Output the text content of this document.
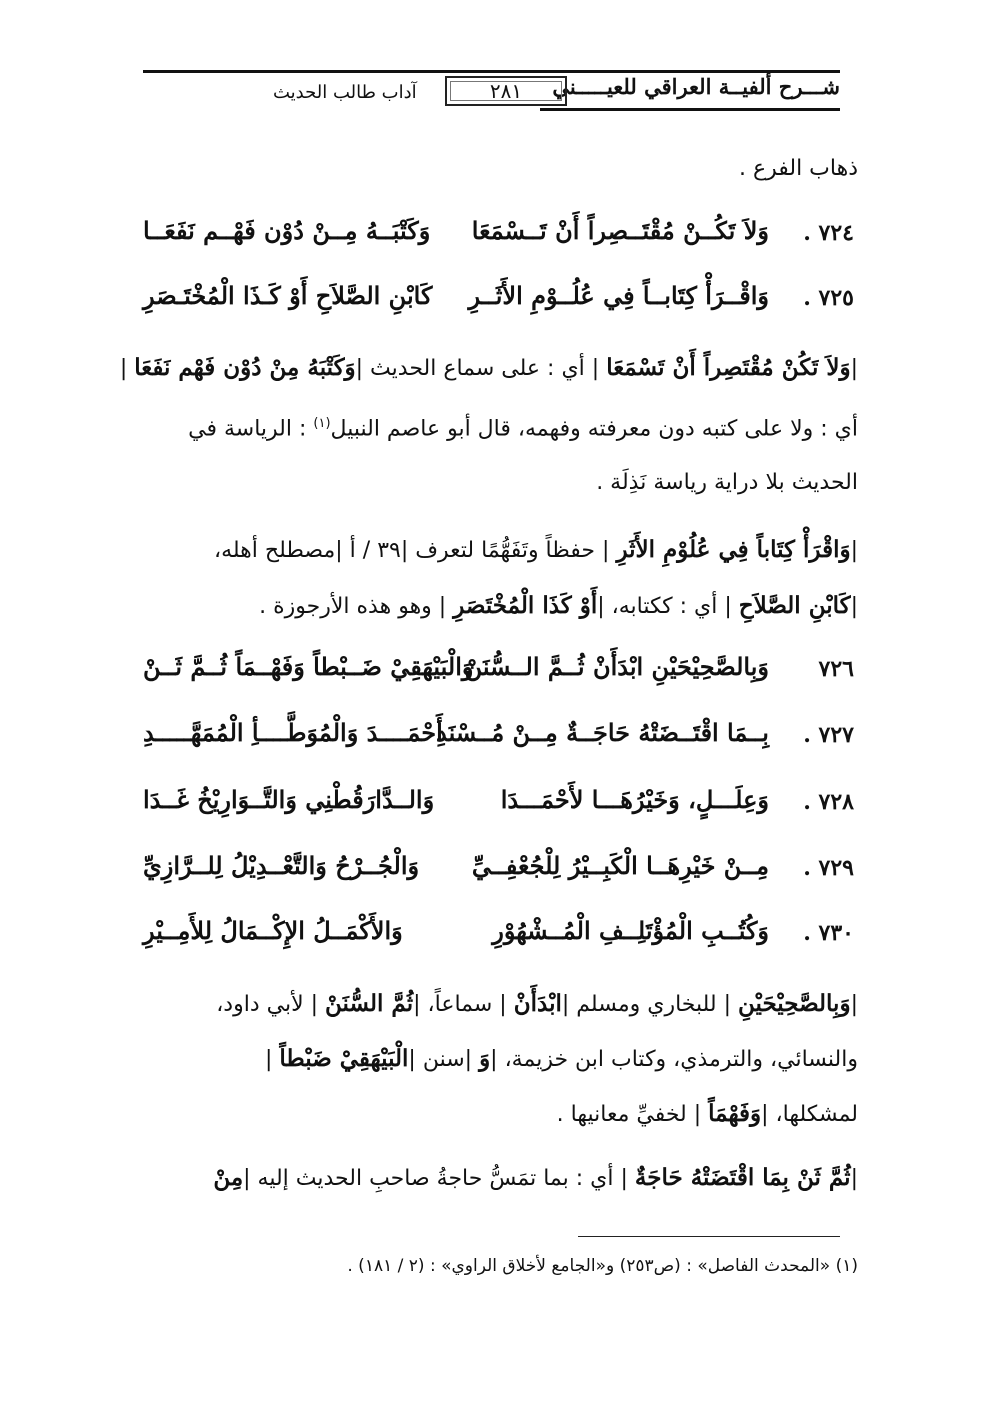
شـــرح ألفيــة العراقي للعيـــــني
٢٨١
آداب طالب الحديث
ذهاب الفرع .
٧٢٤ .
وَلاَ تَكُــنْ مُقْتَــصِراً أَنْ تَــسْمَعَا
وَكَتْبَــهُ مِــنْ دُوْن فَهْــم نَفَعَــا
٧٢٥ .
وَاقْــرَأْ كِتَابــاً فِي عُلُــوْمِ الأَثَــرِ
كَابْنِ الصَّلاَحِ أَوْ كَـذَا الْمُخْتَـصَرِ
|وَلاَ تَكُنْ مُقْتَصِراً أَنْ تَسْمَعَا | أي : على سماع الحديث |وَكَتْبَهُ مِنْ دُوْن فَهْم نَفَعَا |
أي : ولا على كتبه دون معرفته وفهمه، قال أبو عاصم النبيل$^{(١)}$ : الرياسة في
الحديث بلا دراية رياسة نَذِلَة .
|وَاقْرَأْ كِتَاباً فِي عُلُوْمِ الأَثَرِ | حفظاً وتَفَهُّمًا لتعرف |٣٩ / أ |مصطلح أهله،
|كَابْنِ الصَّلاَحِ | أي : ككتابه، |أَوْ كَذَا الْمُخْتَصَرِ | وهو هذه الأرجوزة .
٧٢٦
وَبِالصَّحِيْحَيْنِ ابْدَأَنْ ثُــمَّ الــسُّنَنْ
وَالْبَيْهَقِيْ ضَــبْطاً وَفَهْــمَاً ثُــمَّ ثَــنْ
٧٢٧ .
بِــمَا اقْتَــضَتْهُ حَاجَــةٌ مِــنْ مُــسْنَدِ
أَحْمَــــدَ وَالْمُوَطَّــــأِ الْمُمَهَّـــــدِ
٧٢٨ .
وَعِلَـــلٍ، وَخَيْرُهَـــا لأَحْمَـــدَا
وَالــدَّارَقُطْنِي وَالتَّــوَارِيْخُ غَــدَا
٧٢٩ .
مِــنْ خَيْرِهَــا الْكَبِــيْرُ لِلْجُعْفِــيِّ
وَالْجُــرْحُ وَالتَّعْــدِيْلُ لِلــرَّازِيِّ
٧٣٠ .
وَكُتُــبِ الْمُؤْتَلِــفِ الْمُــشْهُوْرِ
وَالأَكْمَــلُ الإِكْــمَالُ لِلأَمِــيْرِ
|وَبِالصَّحِيْحَيْنِ | للبخاري ومسلم |ابْدَأَنْ | سماعاً، |ثُمَّ السُّنَنْ | لأبي داود،
والنسائي، والترمذي، وكتاب ابن خزيمة، |وَ |سنن |الْبَيْهَقِيْ ضَبْطاً |
لمشكلها، |وَفَهْمَاً | لخفيِّ معانيها .
|ثُمَّ ثَنْ بِمَا اقْتَضَتْهُ حَاجَةٌ | أي : بما تمَسُّ حاجةُ صاحبِ الحديث إليه |مِنْ
(١) «المحدث الفاصل» : (ص٢٥٣) و«الجامع لأخلاق الراوي» : (٢ / ١٨١) .
